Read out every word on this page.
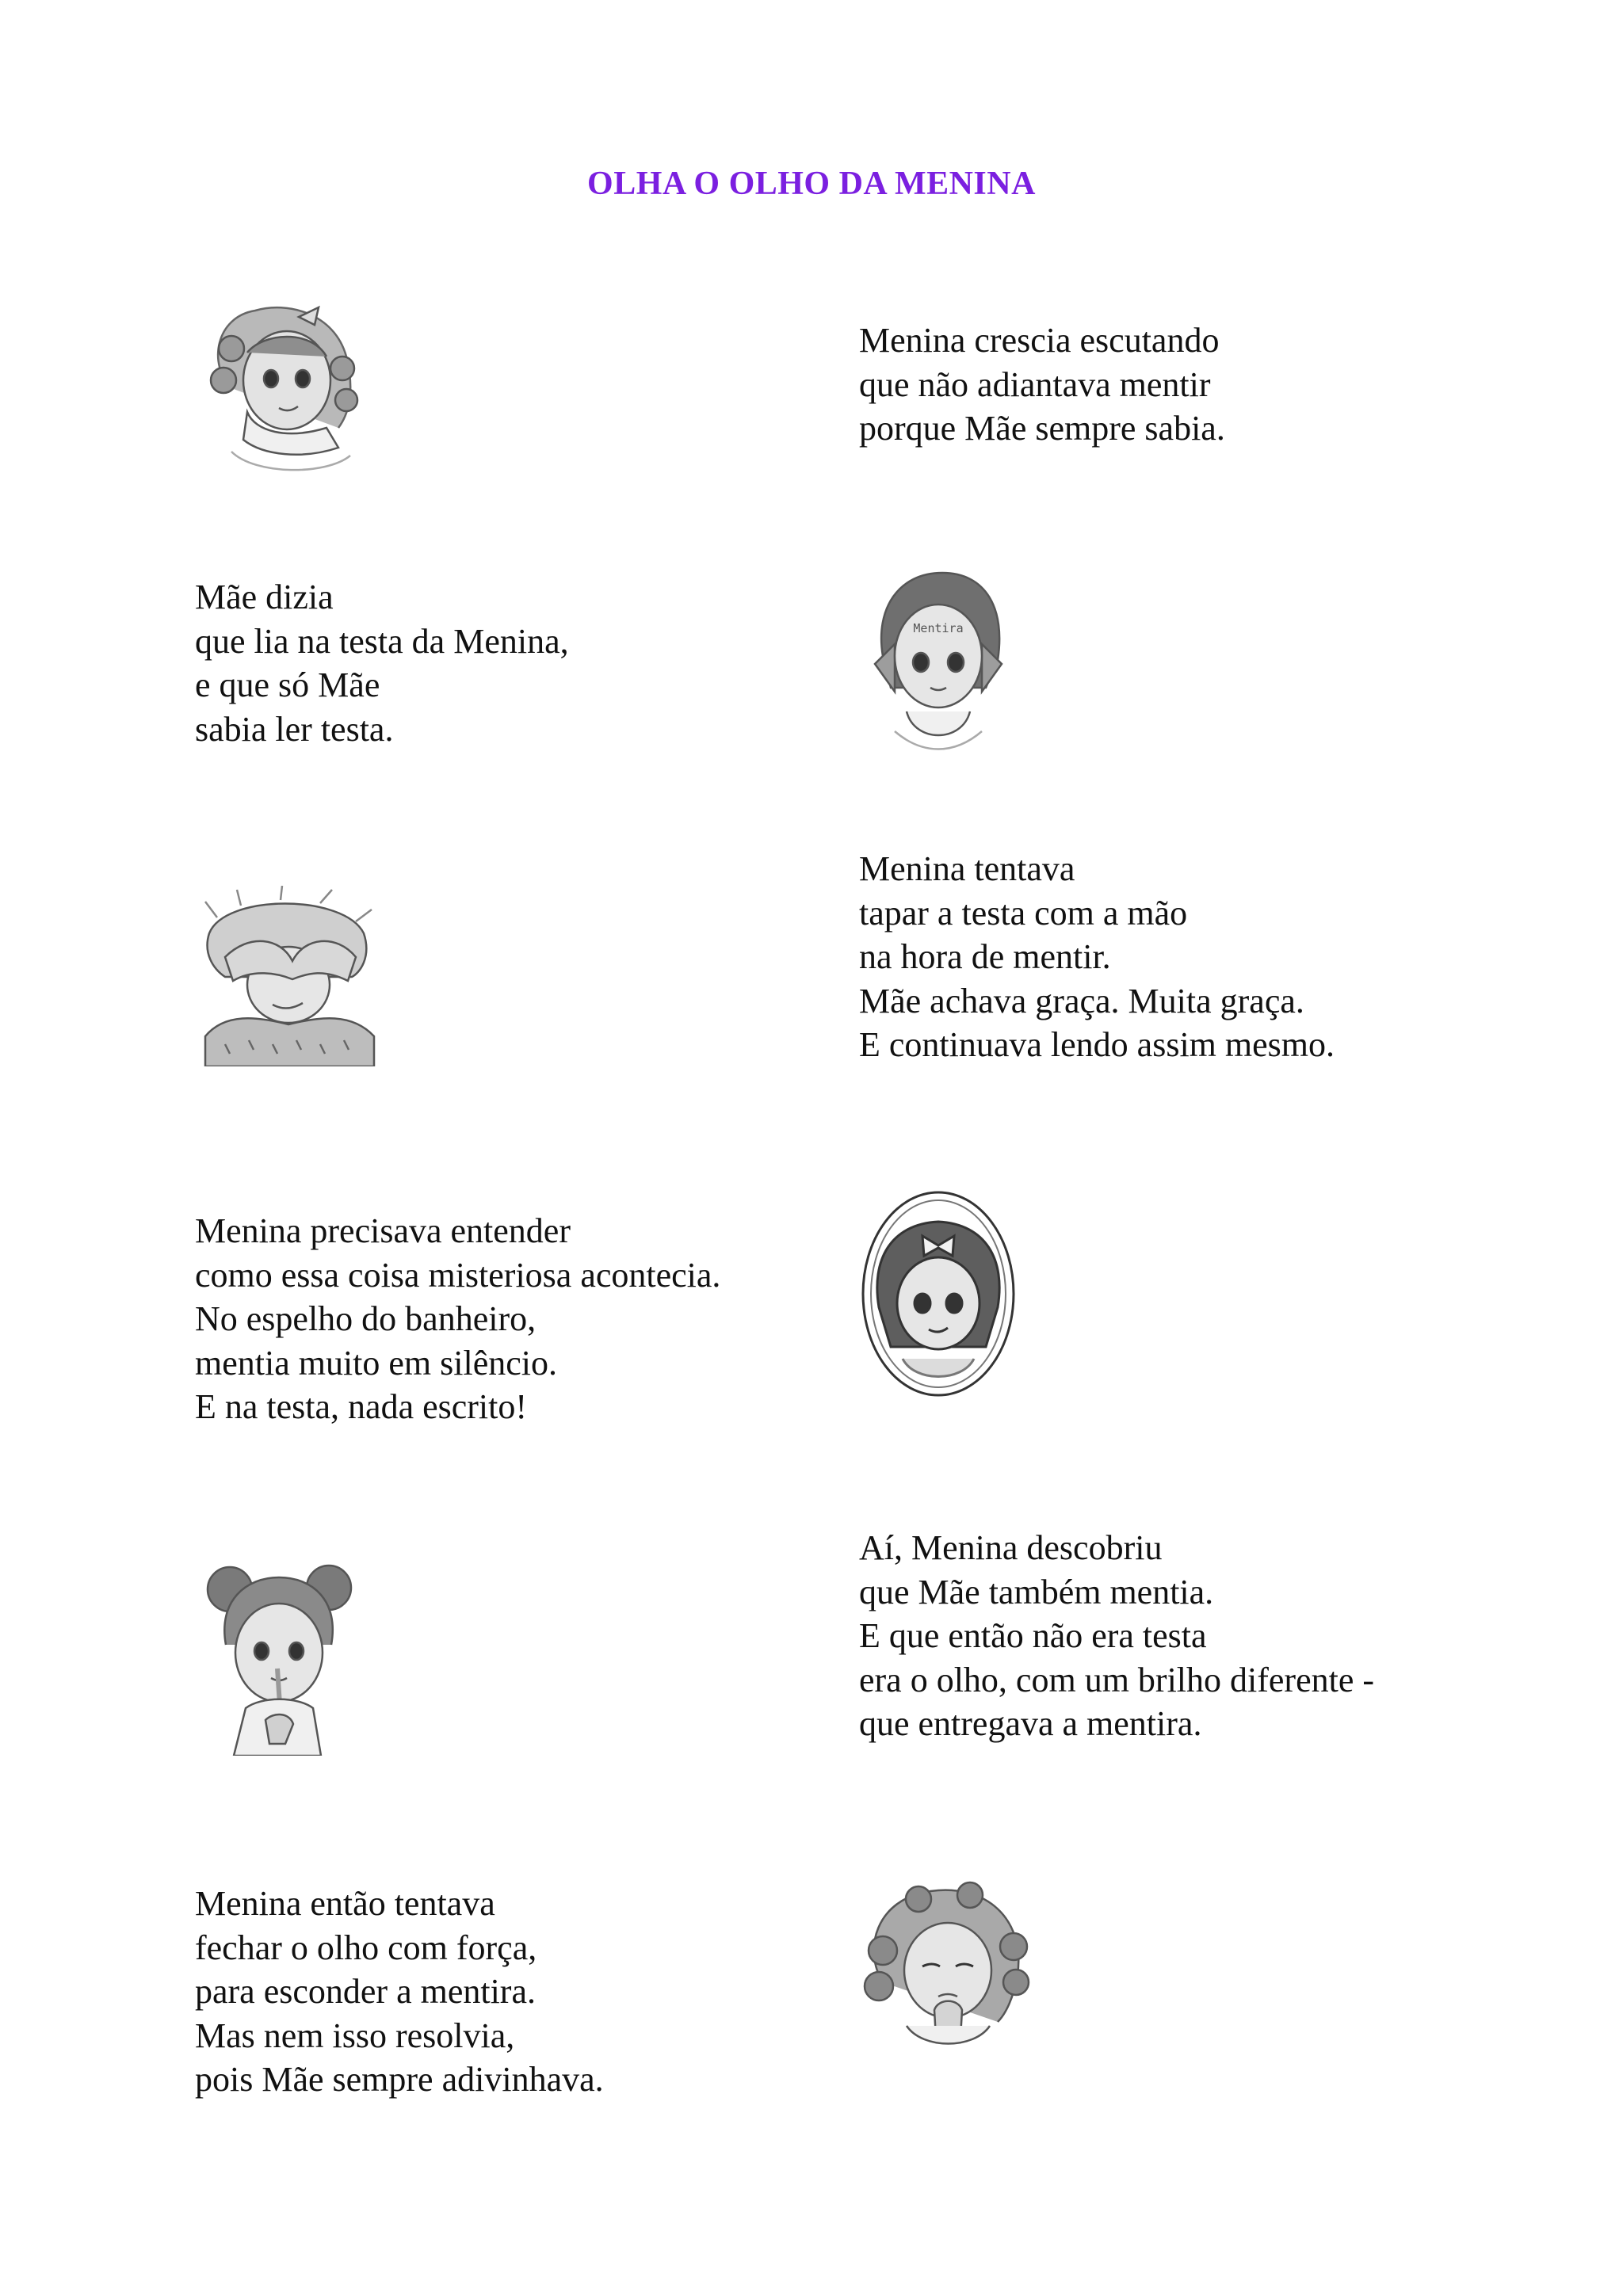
OLHA O OLHO DA MENINA
Menina crescia escutando
que não adiantava mentir
porque Mãe sempre sabia.
Mãe dizia
que lia na testa da Menina,
e que só Mãe
sabia ler testa.
Menina tentava
tapar a testa com a mão
na hora de mentir.
Mãe achava graça. Muita graça.
E continuava lendo assim mesmo.
Menina precisava entender
como essa coisa misteriosa acontecia.
No espelho do banheiro,
mentia muito em silêncio.
E na testa, nada escrito!
Aí, Menina descobriu
que Mãe também mentia.
E que então não era testa
era o olho, com um brilho diferente -
que entregava a mentira.
Menina então tentava
fechar o olho com força,
para esconder a mentira.
Mas nem isso resolvia,
pois Mãe sempre adivinhava.
Mentira
